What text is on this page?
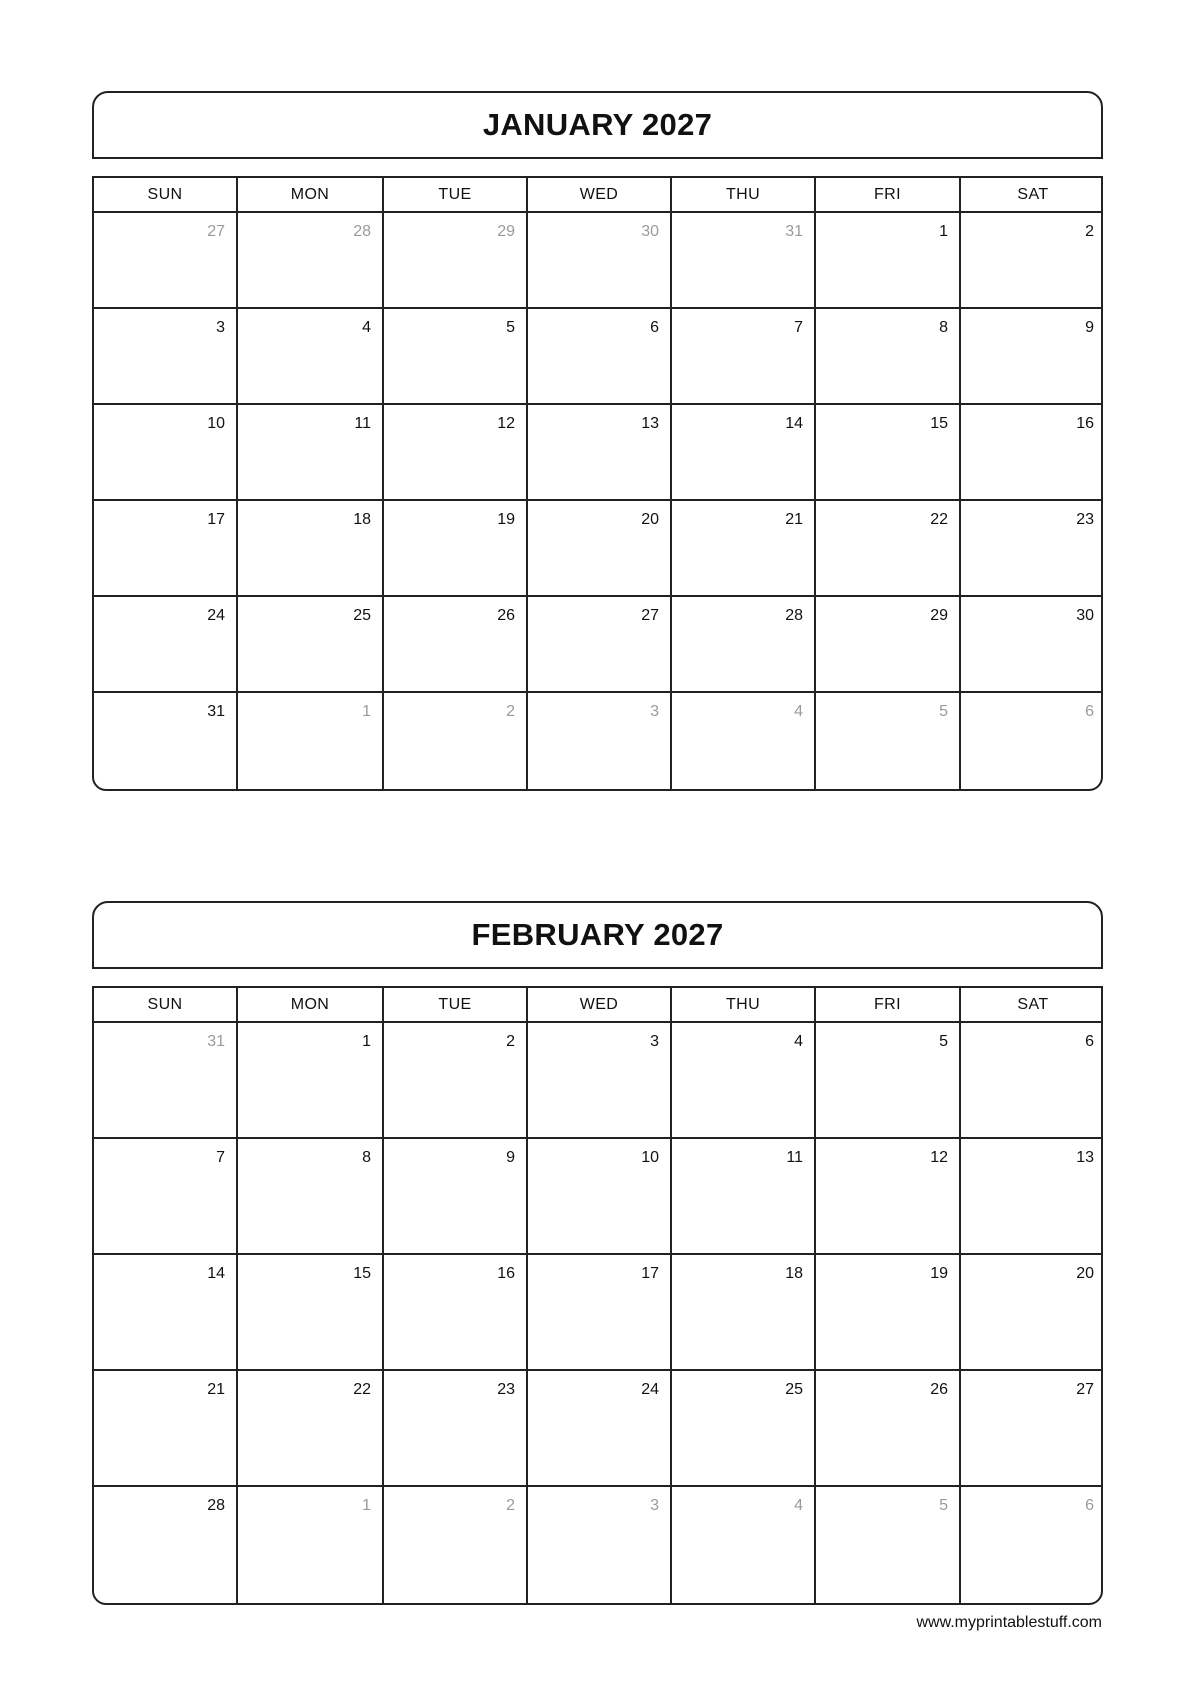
JANUARY 2027
SUN	MON	TUE	WED	THU	FRI	SAT
27	28	29	30	31	1	2
3	4	5	6	7	8	9
10	11	12	13	14	15	16
17	18	19	20	21	22	23
24	25	26	27	28	29	30
31	1	2	3	4	5	6
FEBRUARY 2027
SUN	MON	TUE	WED	THU	FRI	SAT
31	1	2	3	4	5	6
7	8	9	10	11	12	13
14	15	16	17	18	19	20
21	22	23	24	25	26	27
28	1	2	3	4	5	6
www.myprintablestuff.com
